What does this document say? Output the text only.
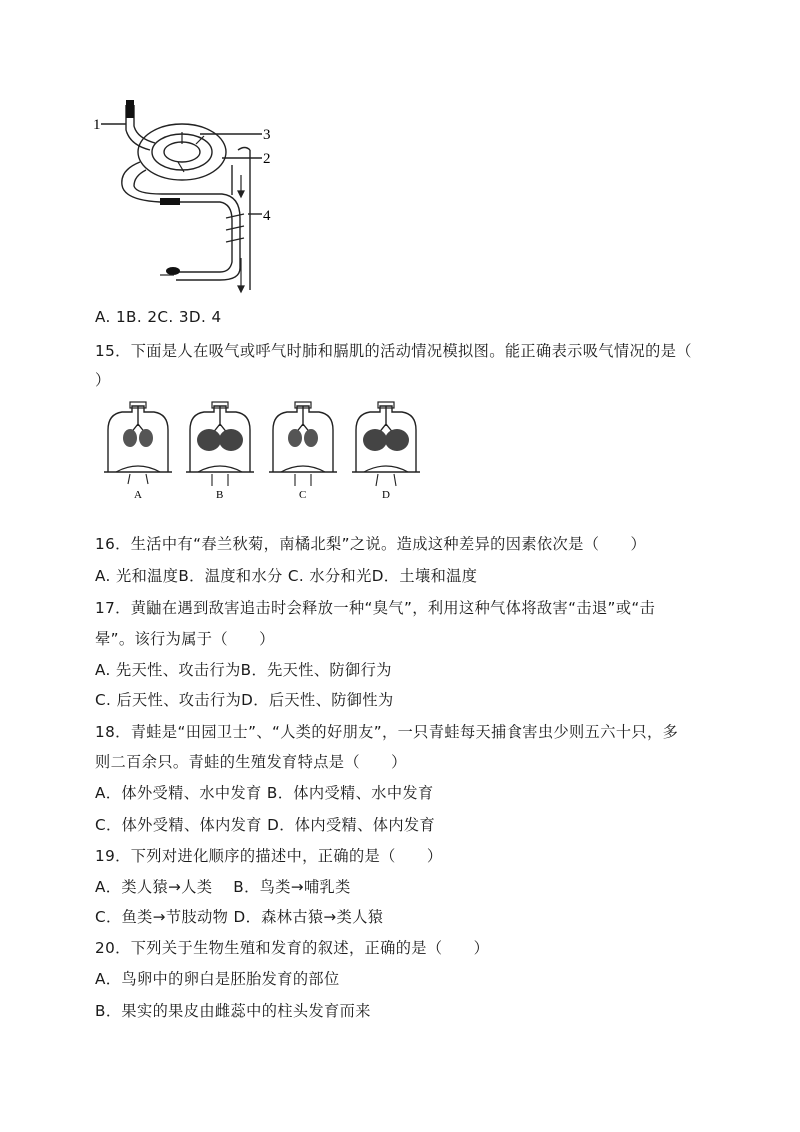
1
2
3
4
A. 1B. 2C. 3D. 4
15．下面是人在吸气或呼气时肺和膈肌的活动情况模拟图。能正确表示吸气情况的是（
）
A	B	C	D
16．生活中有“春兰秋菊，南橘北梨”之说。造成这种差异的因素依次是（　　）
A. 光和温度B．温度和水分 C. 水分和光D．土壤和温度
17．黄鼬在遇到敌害追击时会释放一种“臭气”，利用这种气体将敌害“击退”或“击
晕”。该行为属于（　　）
A. 先天性、攻击行为B．先天性、防御行为
C. 后天性、攻击行为D．后天性、防御性为
18．青蛙是“田园卫士”、“人类的好朋友”，一只青蛙每天捕食害虫少则五六十只，多
则二百余只。青蛙的生殖发育特点是（　　）
A．体外受精、水中发育 B．体内受精、水中发育
C．体外受精、体内发育 D．体内受精、体内发育
19．下列对进化顺序的描述中，正确的是（　　）
A．类人猿→人类　 B．鸟类→哺乳类
C．鱼类→节肢动物 D．森林古猿→类人猿
20．下列关于生物生殖和发育的叙述，正确的是（　　）
A．鸟卵中的卵白是胚胎发育的部位
B．果实的果皮由雌蕊中的柱头发育而来
